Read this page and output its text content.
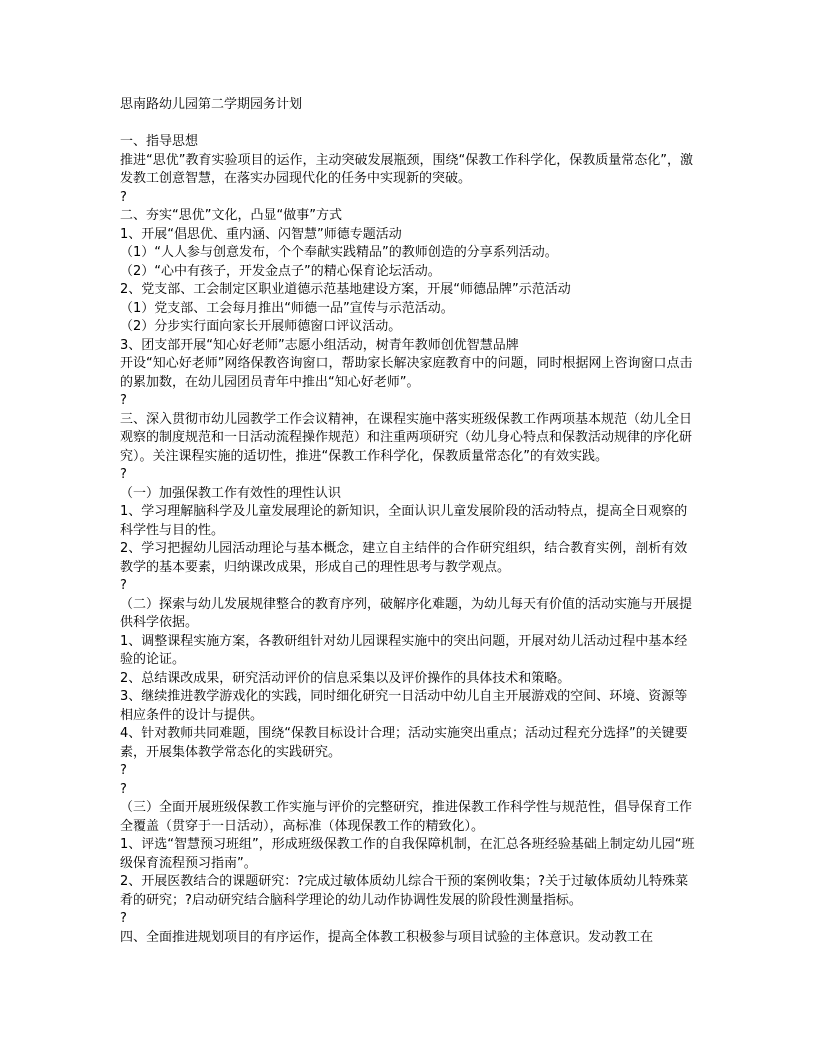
思南路幼儿园第二学期园务计划

一、指导思想

推进“思优”教育实验项目的运作，主动突破发展瓶颈，围绕“保教工作科学化，保教质量常态化”，激发教工创意智慧，在落实办园现代化的任务中实现新的突破。

?

二、夯实“思优”文化，凸显“做事”方式

1、开展“倡思优、重内涵、闪智慧”师德专题活动

（1）“人人参与创意发布，个个奉献实践精品”的教师创造的分享系列活动。

（2）“心中有孩子，开发金点子”的精心保育论坛活动。

2、党支部、工会制定区职业道德示范基地建设方案，开展“师德品牌”示范活动

（1）党支部、工会每月推出“师德一品”宣传与示范活动。

（2）分步实行面向家长开展师德窗口评议活动。

3、团支部开展“知心好老师”志愿小组活动，树青年教师创优智慧品牌

开设“知心好老师”网络保教咨询窗口，帮助家长解决家庭教育中的问题，同时根据网上咨询窗口点击的累加数，在幼儿园团员青年中推出“知心好老师”。

?

三、深入贯彻市幼儿园教学工作会议精神，在课程实施中落实班级保教工作两项基本规范（幼儿全日观察的制度规范和一日活动流程操作规范）和注重两项研究（幼儿身心特点和保教活动规律的序化研究）。关注课程实施的适切性，推进“保教工作科学化，保教质量常态化”的有效实践。

?

（一）加强保教工作有效性的理性认识

1、学习理解脑科学及儿童发展理论的新知识，全面认识儿童发展阶段的活动特点，提高全日观察的科学性与目的性。

2、学习把握幼儿园活动理论与基本概念，建立自主结伴的合作研究组织，结合教育实例，剖析有效教学的基本要素，归纳课改成果，形成自己的理性思考与教学观点。

?

（二）探索与幼儿发展规律整合的教育序列，破解序化难题，为幼儿每天有价值的活动实施与开展提供科学依据。

1、调整课程实施方案，各教研组针对幼儿园课程实施中的突出问题，开展对幼儿活动过程中基本经验的论证。

2、总结课改成果，研究活动评价的信息采集以及评价操作的具体技术和策略。

3、继续推进教学游戏化的实践，同时细化研究一日活动中幼儿自主开展游戏的空间、环境、资源等相应条件的设计与提供。

4、针对教师共同难题，围绕“保教目标设计合理；活动实施突出重点；活动过程充分选择”的关键要素，开展集体教学常态化的实践研究。

?

?

（三）全面开展班级保教工作实施与评价的完整研究，推进保教工作科学性与规范性，倡导保育工作全覆盖（贯穿于一日活动），高标准（体现保教工作的精致化）。

1、评选“智慧预习班组”，形成班级保教工作的自我保障机制，在汇总各班经验基础上制定幼儿园“班级保育流程预习指南”。

2、开展医教结合的课题研究：?完成过敏体质幼儿综合干预的案例收集；?关于过敏体质幼儿特殊菜肴的研究；?启动研究结合脑科学理论的幼儿动作协调性发展的阶段性测量指标。

?

四、全面推进规划项目的有序运作，提高全体教工积极参与项目试验的主体意识。发动教工在
